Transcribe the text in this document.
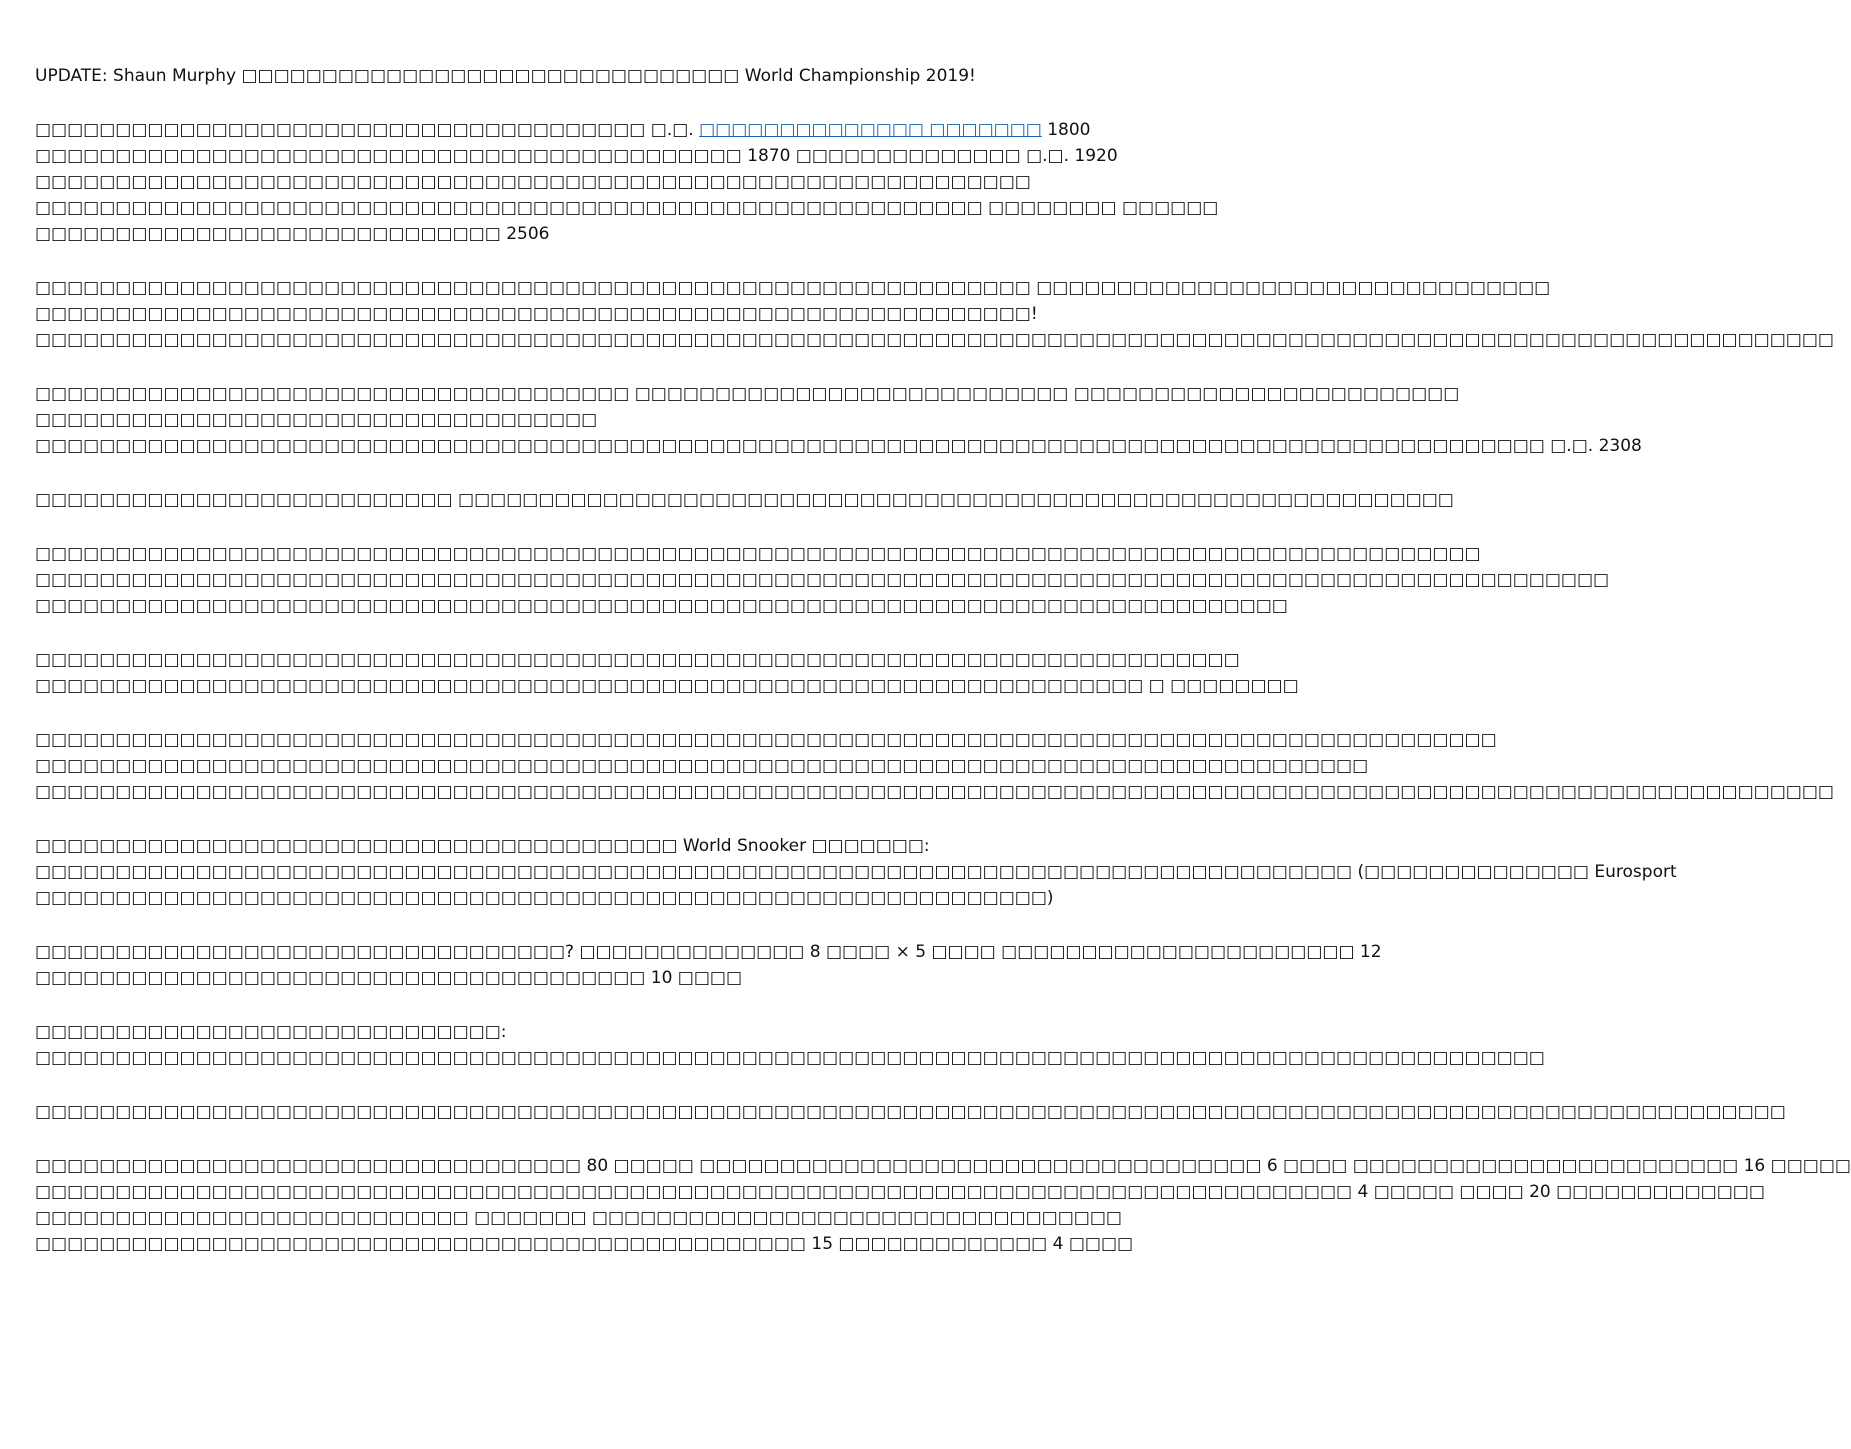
UPDATE: Shaun Murphy □□□□□□□□□□□□□□□□□□□□□□□□□□□□□□□ World Championship 2019!
□□□□□□□□□□□□□□□□□□□□□□□□□□□□□□□□□□□□□□ □.□. □□□□□□□□□□□□□□ □□□□□□□ 1800
□□□□□□□□□□□□□□□□□□□□□□□□□□□□□□□□□□□□□□□□□□□□ 1870 □□□□□□□□□□□□□□ □.□. 1920
□□□□□□□□□□□□□□□□□□□□□□□□□□□□□□□□□□□□□□□□□□□□□□□□□□□□□□□□□□□□□□
□□□□□□□□□□□□□□□□□□□□□□□□□□□□□□□□□□□□□□□□□□□□□□□□□□□□□□□□□□□ □□□□□□□□ □□□□□□
□□□□□□□□□□□□□□□□□□□□□□□□□□□□□ 2506
□□□□□□□□□□□□□□□□□□□□□□□□□□□□□□□□□□□□□□□□□□□□□□□□□□□□□□□□□□□□□□ □□□□□□□□□□□□□□□□□□□□□□□□□□□□□□□□
□□□□□□□□□□□□□□□□□□□□□□□□□□□□□□□□□□□□□□□□□□□□□□□□□□□□□□□□□□□□□□!
□□□□□□□□□□□□□□□□□□□□□□□□□□□□□□□□□□□□□□□□□□□□□□□□□□□□□□□□□□□□□□□□□□□□□□□□□□□□□□□□□□□□□□□□□□□□□□□□□□□□□□□□□□□□□□□□
□□□□□□□□□□□□□□□□□□□□□□□□□□□□□□□□□□□□□ □□□□□□□□□□□□□□□□□□□□□□□□□□□ □□□□□□□□□□□□□□□□□□□□□□□□
□□□□□□□□□□□□□□□□□□□□□□□□□□□□□□□□□□□
□□□□□□□□□□□□□□□□□□□□□□□□□□□□□□□□□□□□□□□□□□□□□□□□□□□□□□□□□□□□□□□□□□□□□□□□□□□□□□□□□□□□□□□□□□□□□□ □.□. 2308
□□□□□□□□□□□□□□□□□□□□□□□□□□ □□□□□□□□□□□□□□□□□□□□□□□□□□□□□□□□□□□□□□□□□□□□□□□□□□□□□□□□□□□□□□
□□□□□□□□□□□□□□□□□□□□□□□□□□□□□□□□□□□□□□□□□□□□□□□□□□□□□□□□□□□□□□□□□□□□□□□□□□□□□□□□□□□□□□□□□□
□□□□□□□□□□□□□□□□□□□□□□□□□□□□□□□□□□□□□□□□□□□□□□□□□□□□□□□□□□□□□□□□□□□□□□□□□□□□□□□□□□□□□□□□□□□□□□□□□□
□□□□□□□□□□□□□□□□□□□□□□□□□□□□□□□□□□□□□□□□□□□□□□□□□□□□□□□□□□□□□□□□□□□□□□□□□□□□□□
□□□□□□□□□□□□□□□□□□□□□□□□□□□□□□□□□□□□□□□□□□□□□□□□□□□□□□□□□□□□□□□□□□□□□□□□□□□
□□□□□□□□□□□□□□□□□□□□□□□□□□□□□□□□□□□□□□□□□□□□□□□□□□□□□□□□□□□□□□□□□□□□□ □ □□□□□□□□
□□□□□□□□□□□□□□□□□□□□□□□□□□□□□□□□□□□□□□□□□□□□□□□□□□□□□□□□□□□□□□□□□□□□□□□□□□□□□□□□□□□□□□□□□□□
□□□□□□□□□□□□□□□□□□□□□□□□□□□□□□□□□□□□□□□□□□□□□□□□□□□□□□□□□□□□□□□□□□□□□□□□□□□□□□□□□□□
□□□□□□□□□□□□□□□□□□□□□□□□□□□□□□□□□□□□□□□□□□□□□□□□□□□□□□□□□□□□□□□□□□□□□□□□□□□□□□□□□□□□□□□□□□□□□□□□□□□□□□□□□□□□□□□□
□□□□□□□□□□□□□□□□□□□□□□□□□□□□□□□□□□□□□□□□ World Snooker □□□□□□□:
□□□□□□□□□□□□□□□□□□□□□□□□□□□□□□□□□□□□□□□□□□□□□□□□□□□□□□□□□□□□□□□□□□□□□□□□□□□□□□□□□□ (□□□□□□□□□□□□□□ Eurosport
□□□□□□□□□□□□□□□□□□□□□□□□□□□□□□□□□□□□□□□□□□□□□□□□□□□□□□□□□□□□□□□)
□□□□□□□□□□□□□□□□□□□□□□□□□□□□□□□□□? □□□□□□□□□□□□□□ 8 □□□□ × 5 □□□□ □□□□□□□□□□□□□□□□□□□□□□ 12
□□□□□□□□□□□□□□□□□□□□□□□□□□□□□□□□□□□□□□ 10 □□□□
□□□□□□□□□□□□□□□□□□□□□□□□□□□□□:
□□□□□□□□□□□□□□□□□□□□□□□□□□□□□□□□□□□□□□□□□□□□□□□□□□□□□□□□□□□□□□□□□□□□□□□□□□□□□□□□□□□□□□□□□□□□□□
□□□□□□□□□□□□□□□□□□□□□□□□□□□□□□□□□□□□□□□□□□□□□□□□□□□□□□□□□□□□□□□□□□□□□□□□□□□□□□□□□□□□□□□□□□□□□□□□□□□□□□□□□□□□□
□□□□□□□□□□□□□□□□□□□□□□□□□□□□□□□□□□ 80 □□□□□ □□□□□□□□□□□□□□□□□□□□□□□□□□□□□□□□□□□ 6 □□□□ □□□□□□□□□□□□□□□□□□□□□□□□ 16 □□□□□
□□□□□□□□□□□□□□□□□□□□□□□□□□□□□□□□□□□□□□□□□□□□□□□□□□□□□□□□□□□□□□□□□□□□□□□□□□□□□□□□□□ 4 □□□□□ □□□□ 20 □□□□□□□□□□□□□
□□□□□□□□□□□□□□□□□□□□□□□□□□□ □□□□□□□ □□□□□□□□□□□□□□□□□□□□□□□□□□□□□□□□□
□□□□□□□□□□□□□□□□□□□□□□□□□□□□□□□□□□□□□□□□□□□□□□□□ 15 □□□□□□□□□□□□□ 4 □□□□
